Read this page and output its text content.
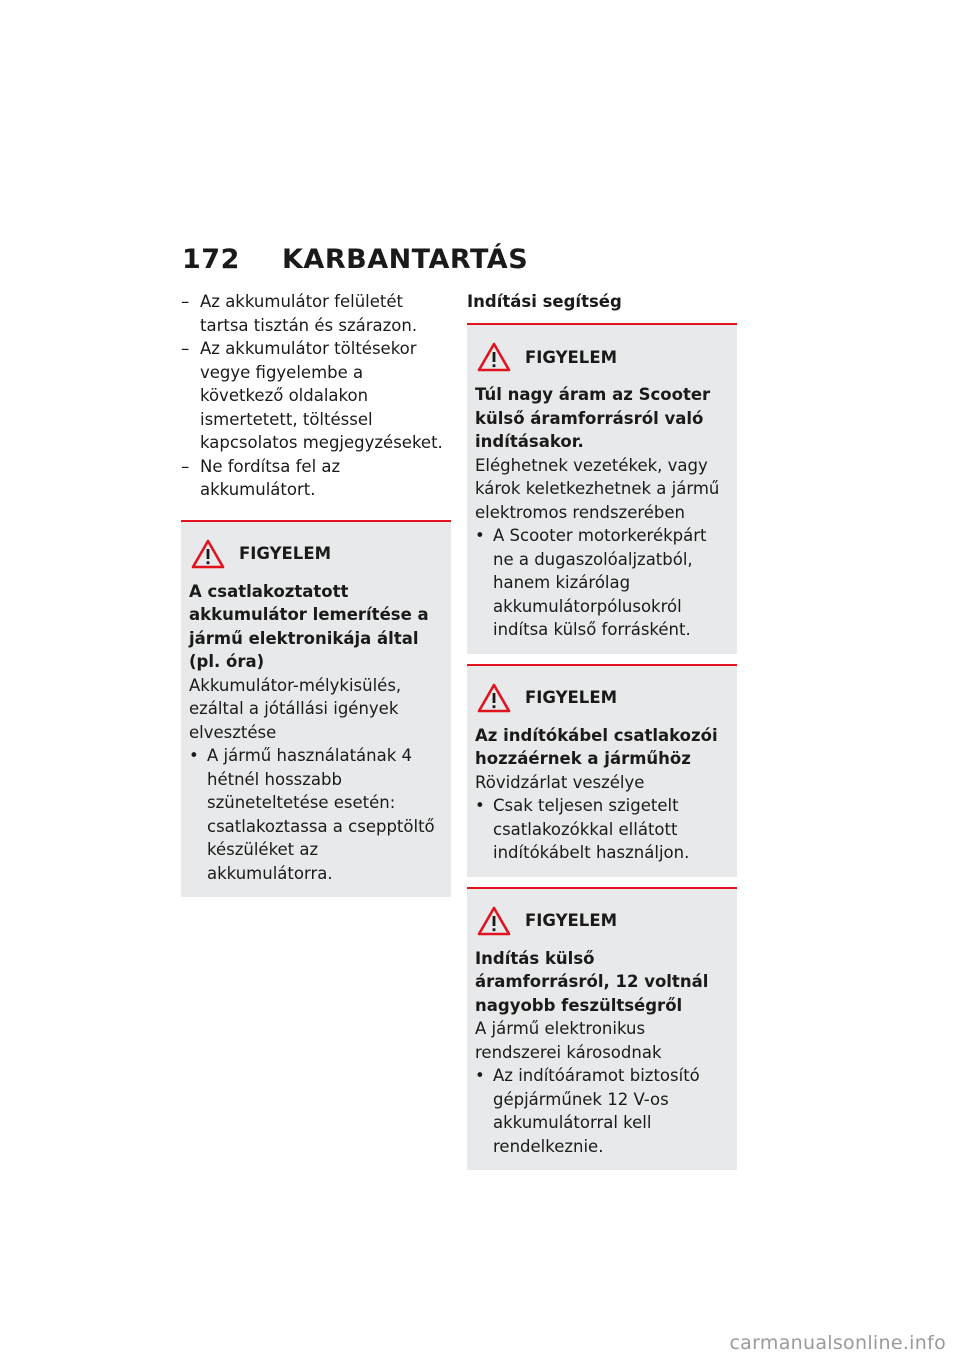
172 KARBANTARTÁS
– Az akkumulátor felületét tartsa tisztán és szárazon.
– Az akkumulátor töltésekor vegye figyelembe a következő oldalakon ismertetett, töltéssel kapcsolatos megjegyzéseket.
– Ne fordítsa fel az akkumulátort.
FIGYELEM
A csatlakoztatott akkumulátor lemerítése a jármű elektronikája által (pl. óra)
Akkumulátor-mélykisülés, ezáltal a jótállási igények elvesztése
• A jármű használatának 4 hétnél hosszabb szüneteltetése esetén: csatlakoztassa a csepptöltő készüléket az akkumulátorra.
Indítási segítség
FIGYELEM
Túl nagy áram az Scooter külső áramforrásról való indításakor.
Eléghetnek vezetékek, vagy károk keletkezhetnek a jármű elektromos rendszerében
• A Scooter motorkerékpárt ne a dugaszolóaljzatból, hanem kizárólag akkumulátorpólusokról indítsa külső forrásként.
FIGYELEM
Az indítókábel csatlakozói hozzáérnek a járműhöz
Rövidzárlat veszélye
• Csak teljesen szigetelt csatlakozókkal ellátott indítókábelt használjon.
FIGYELEM
Indítás külső áramforrásról, 12 voltnál nagyobb feszültségről
A jármű elektronikus rendszerei károsodnak
• Az indítóáramot biztosító gépjárműnek 12 V-os akkumulátorral kell rendelkeznie.
carmanualsonline.info
